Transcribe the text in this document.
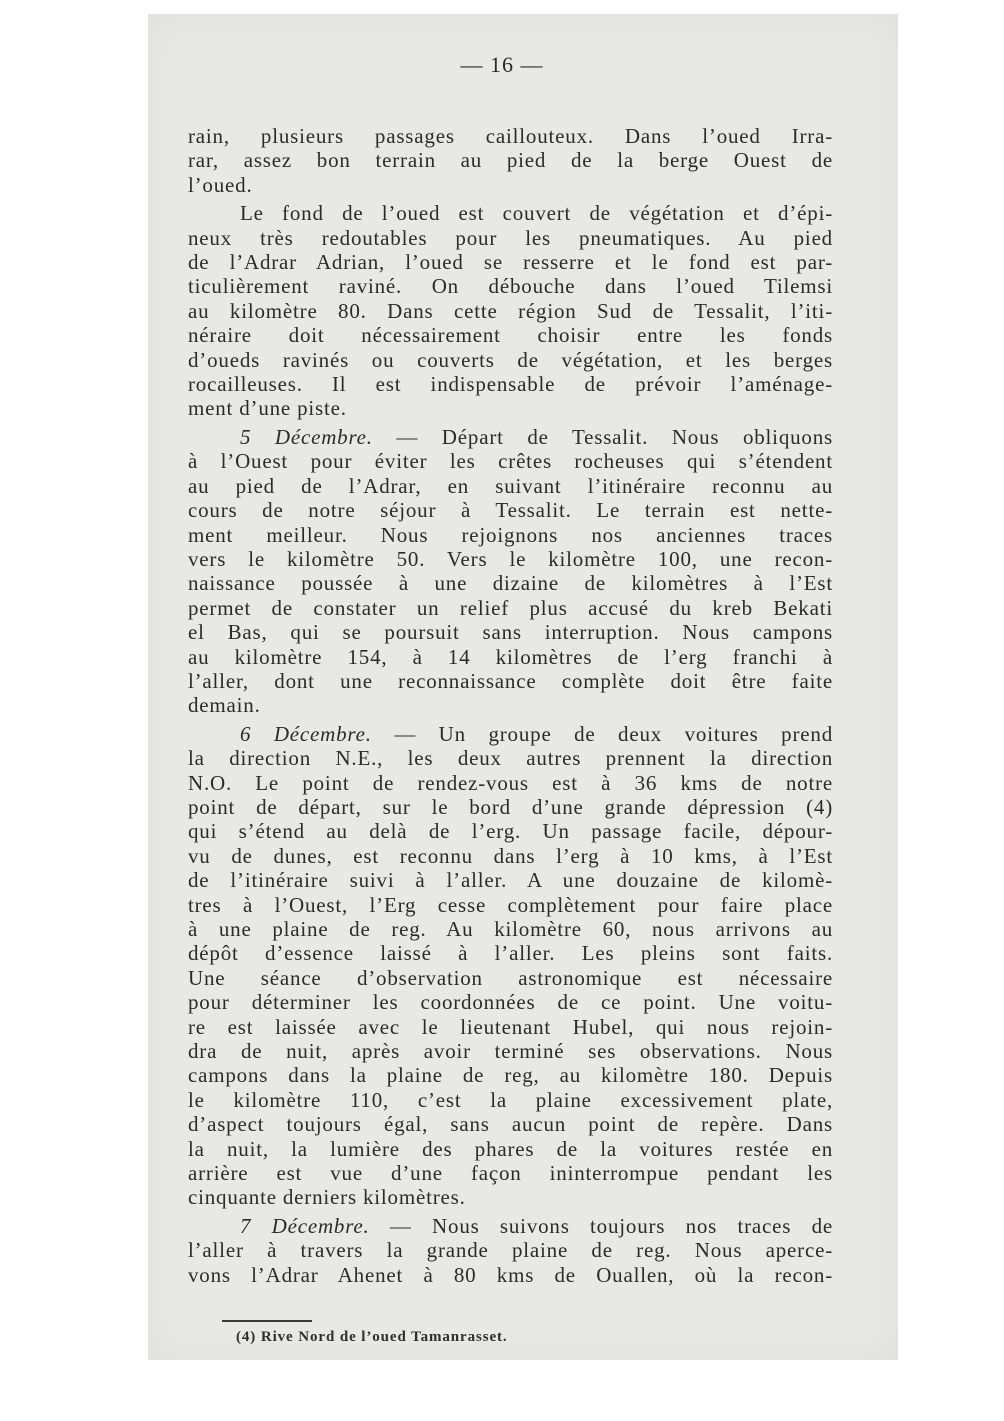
— 16 —

rain, plusieurs passages caillouteux. Dans l’oued Irra-
rar, assez bon terrain au pied de la berge Ouest de
l’oued.

Le fond de l’oued est couvert de végétation et d’épi-
neux très redoutables pour les pneumatiques. Au pied
de l’Adrar Adrian, l’oued se resserre et le fond est par-
ticulièrement raviné. On débouche dans l’oued Tilemsi
au kilomètre 80. Dans cette région Sud de Tessalit, l’iti-
néraire doit nécessairement choisir entre les fonds
d’oueds ravinés ou couverts de végétation, et les berges
rocailleuses. Il est indispensable de prévoir l’aménage-
ment d’une piste.

5 Décembre. — Départ de Tessalit. Nous obliquons
à l’Ouest pour éviter les crêtes rocheuses qui s’étendent
au pied de l’Adrar, en suivant l’itinéraire reconnu au
cours de notre séjour à Tessalit. Le terrain est nette-
ment meilleur. Nous rejoignons nos anciennes traces
vers le kilomètre 50. Vers le kilomètre 100, une recon-
naissance poussée à une dizaine de kilomètres à l’Est
permet de constater un relief plus accusé du kreb Bekati
el Bas, qui se poursuit sans interruption. Nous campons
au kilomètre 154, à 14 kilomètres de l’erg franchi à
l’aller, dont une reconnaissance complète doit être faite
demain.

6 Décembre. — Un groupe de deux voitures prend
la direction N.E., les deux autres prennent la direction
N.O. Le point de rendez-vous est à 36 kms de notre
point de départ, sur le bord d’une grande dépression (4)
qui s’étend au delà de l’erg. Un passage facile, dépour-
vu de dunes, est reconnu dans l’erg à 10 kms, à l’Est
de l’itinéraire suivi à l’aller. A une douzaine de kilomè-
tres à l’Ouest, l’Erg cesse complètement pour faire place
à une plaine de reg. Au kilomètre 60, nous arrivons au
dépôt d’essence laissé à l’aller. Les pleins sont faits.
Une séance d’observation astronomique est nécessaire
pour déterminer les coordonnées de ce point. Une voitu-
re est laissée avec le lieutenant Hubel, qui nous rejoin-
dra de nuit, après avoir terminé ses observations. Nous
campons dans la plaine de reg, au kilomètre 180. Depuis
le kilomètre 110, c’est la plaine excessivement plate,
d’aspect toujours égal, sans aucun point de repère. Dans
la nuit, la lumière des phares de la voitures restée en
arrière est vue d’une façon ininterrompue pendant les
cinquante derniers kilomètres.

7 Décembre. — Nous suivons toujours nos traces de
l’aller à travers la grande plaine de reg. Nous aperce-
vons l’Adrar Ahenet à 80 kms de Ouallen, où la recon-

(4) Rive Nord de l’oued Tamanrasset.
